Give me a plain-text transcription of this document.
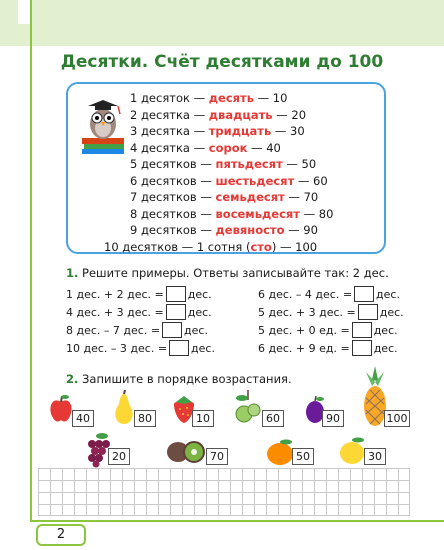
Десятки. Счёт десятками до 100
1 десяток — десять — 10
2 десятка — двадцать — 20
3 десятка — тридцать — 30
4 десятка — сорок — 40
5 десятков — пятьдесят — 50
6 десятков — шестьдесят — 60
7 десятков — семьдесят — 70
8 десятков — восемьдесят — 80
9 десятков — девяносто — 90
10 десятков — 1 сотня (сто) — 100
1. Решите примеры. Ответы записывайте так: 2 дес.
1 дес. + 2 дес. = дес.
4 дес. + 3 дес. = дес.
8 дес. – 7 дес. = дес.
10 дес. – 3 дес. = дес.
6 дес. – 4 дес. = дес.
5 дес. + 3 дес. = дес.
5 дес. + 0 ед. = дес.
6 дес. + 9 ед. = дес.
2. Запишите в порядке возрастания.
40	80	10	60	90	100
20	70	50	30
2
